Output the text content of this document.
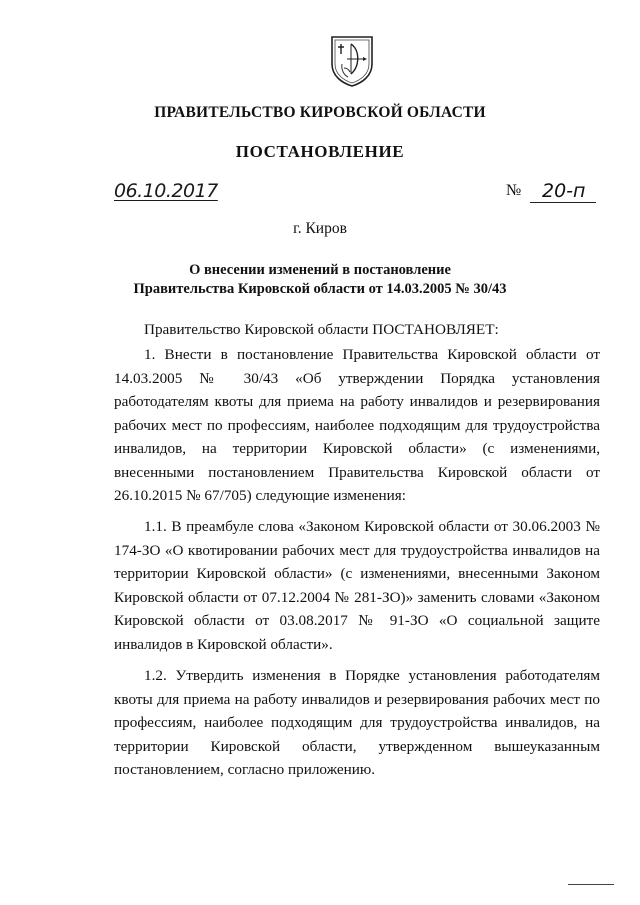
ПРАВИТЕЛЬСТВО КИРОВСКОЙ ОБЛАСТИ
ПОСТАНОВЛЕНИЕ
06.10.2017	№	20-п
г. Киров
О внесении изменений в постановление
Правительства Кировской области от 14.03.2005 № 30/43

Правительство Кировской области ПОСТАНОВЛЯЕТ:

1. Внести в постановление Правительства Кировской области от 14.03.2005 № 30/43 «Об утверждении Порядка установления работодателям квоты для приема на работу инвалидов и резервирования рабочих мест по профессиям, наиболее подходящим для трудоустройства инвалидов, на территории Кировской области» (с изменениями, внесенными постановлением Правительства Кировской области от 26.10.2015 № 67/705) следующие изменения:

1.1. В преамбуле слова «Законом Кировской области от 30.06.2003 № 174-ЗО «О квотировании рабочих мест для трудоустройства инвалидов на территории Кировской области» (с изменениями, внесенными Законом Кировской области от 07.12.2004 № 281-ЗО)» заменить словами «Законом Кировской области от 03.08.2017 № 91-ЗО «О социальной защите инвалидов в Кировской области».

1.2. Утвердить изменения в Порядке установления работодателям квоты для приема на работу инвалидов и резервирования рабочих мест по профессиям, наиболее подходящим для трудоустройства инвалидов, на территории Кировской области, утвержденном вышеуказанным постановлением, согласно приложению.
